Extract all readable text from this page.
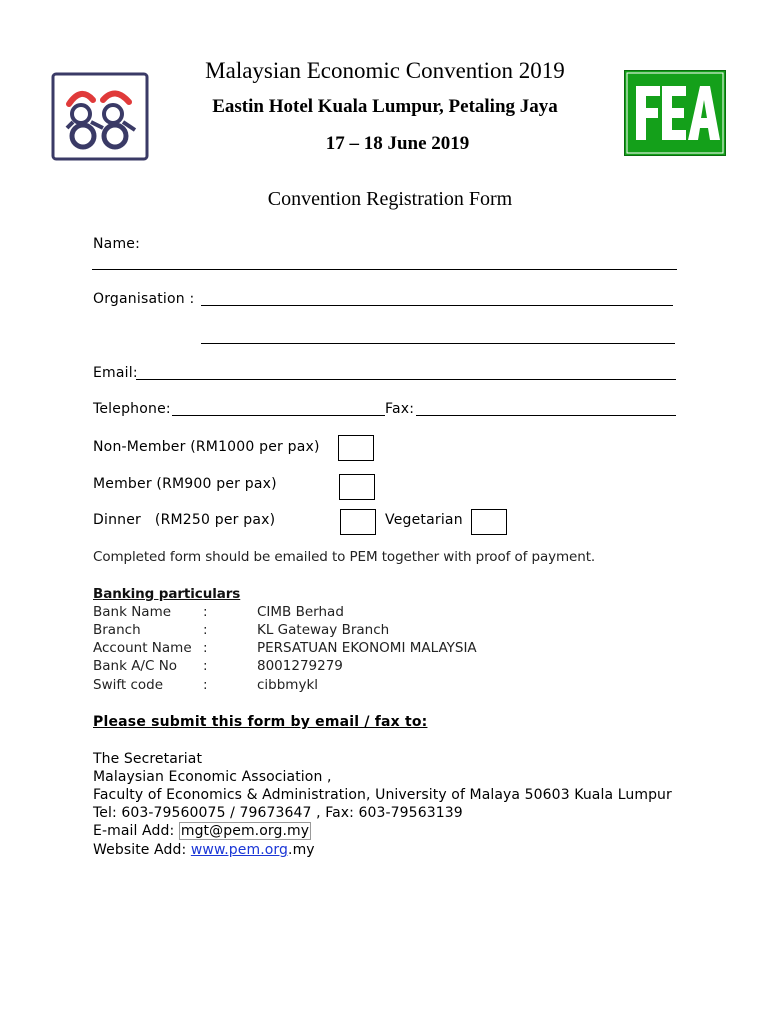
Malaysian Economic Convention 2019
Eastin Hotel Kuala Lumpur, Petaling Jaya
17 – 18 June 2019
Convention Registration Form
Name:
Organisation :
Email:
Telephone:	Fax:
Non-Member (RM1000 per pax)
Member (RM900 per pax)
Dinner   (RM250 per pax)	Vegetarian
Completed form should be emailed to PEM together with proof of payment.
Banking particulars
Bank Name :	CIMB Berhad
Branch	:	KL Gateway Branch
Account Name :	PERSATUAN EKONOMI MALAYSIA
Bank A/C No :	8001279279
Swift code	:	cibbmykl
Please submit this form by email / fax to:
The Secretariat
Malaysian Economic Association ,
Faculty of Economics & Administration, University of Malaya 50603 Kuala Lumpur
Tel: 603-79560075 / 79673647 , Fax: 603-79563139
E-mail Add: mgt@pem.org.my
Website Add: www.pem.org.my
